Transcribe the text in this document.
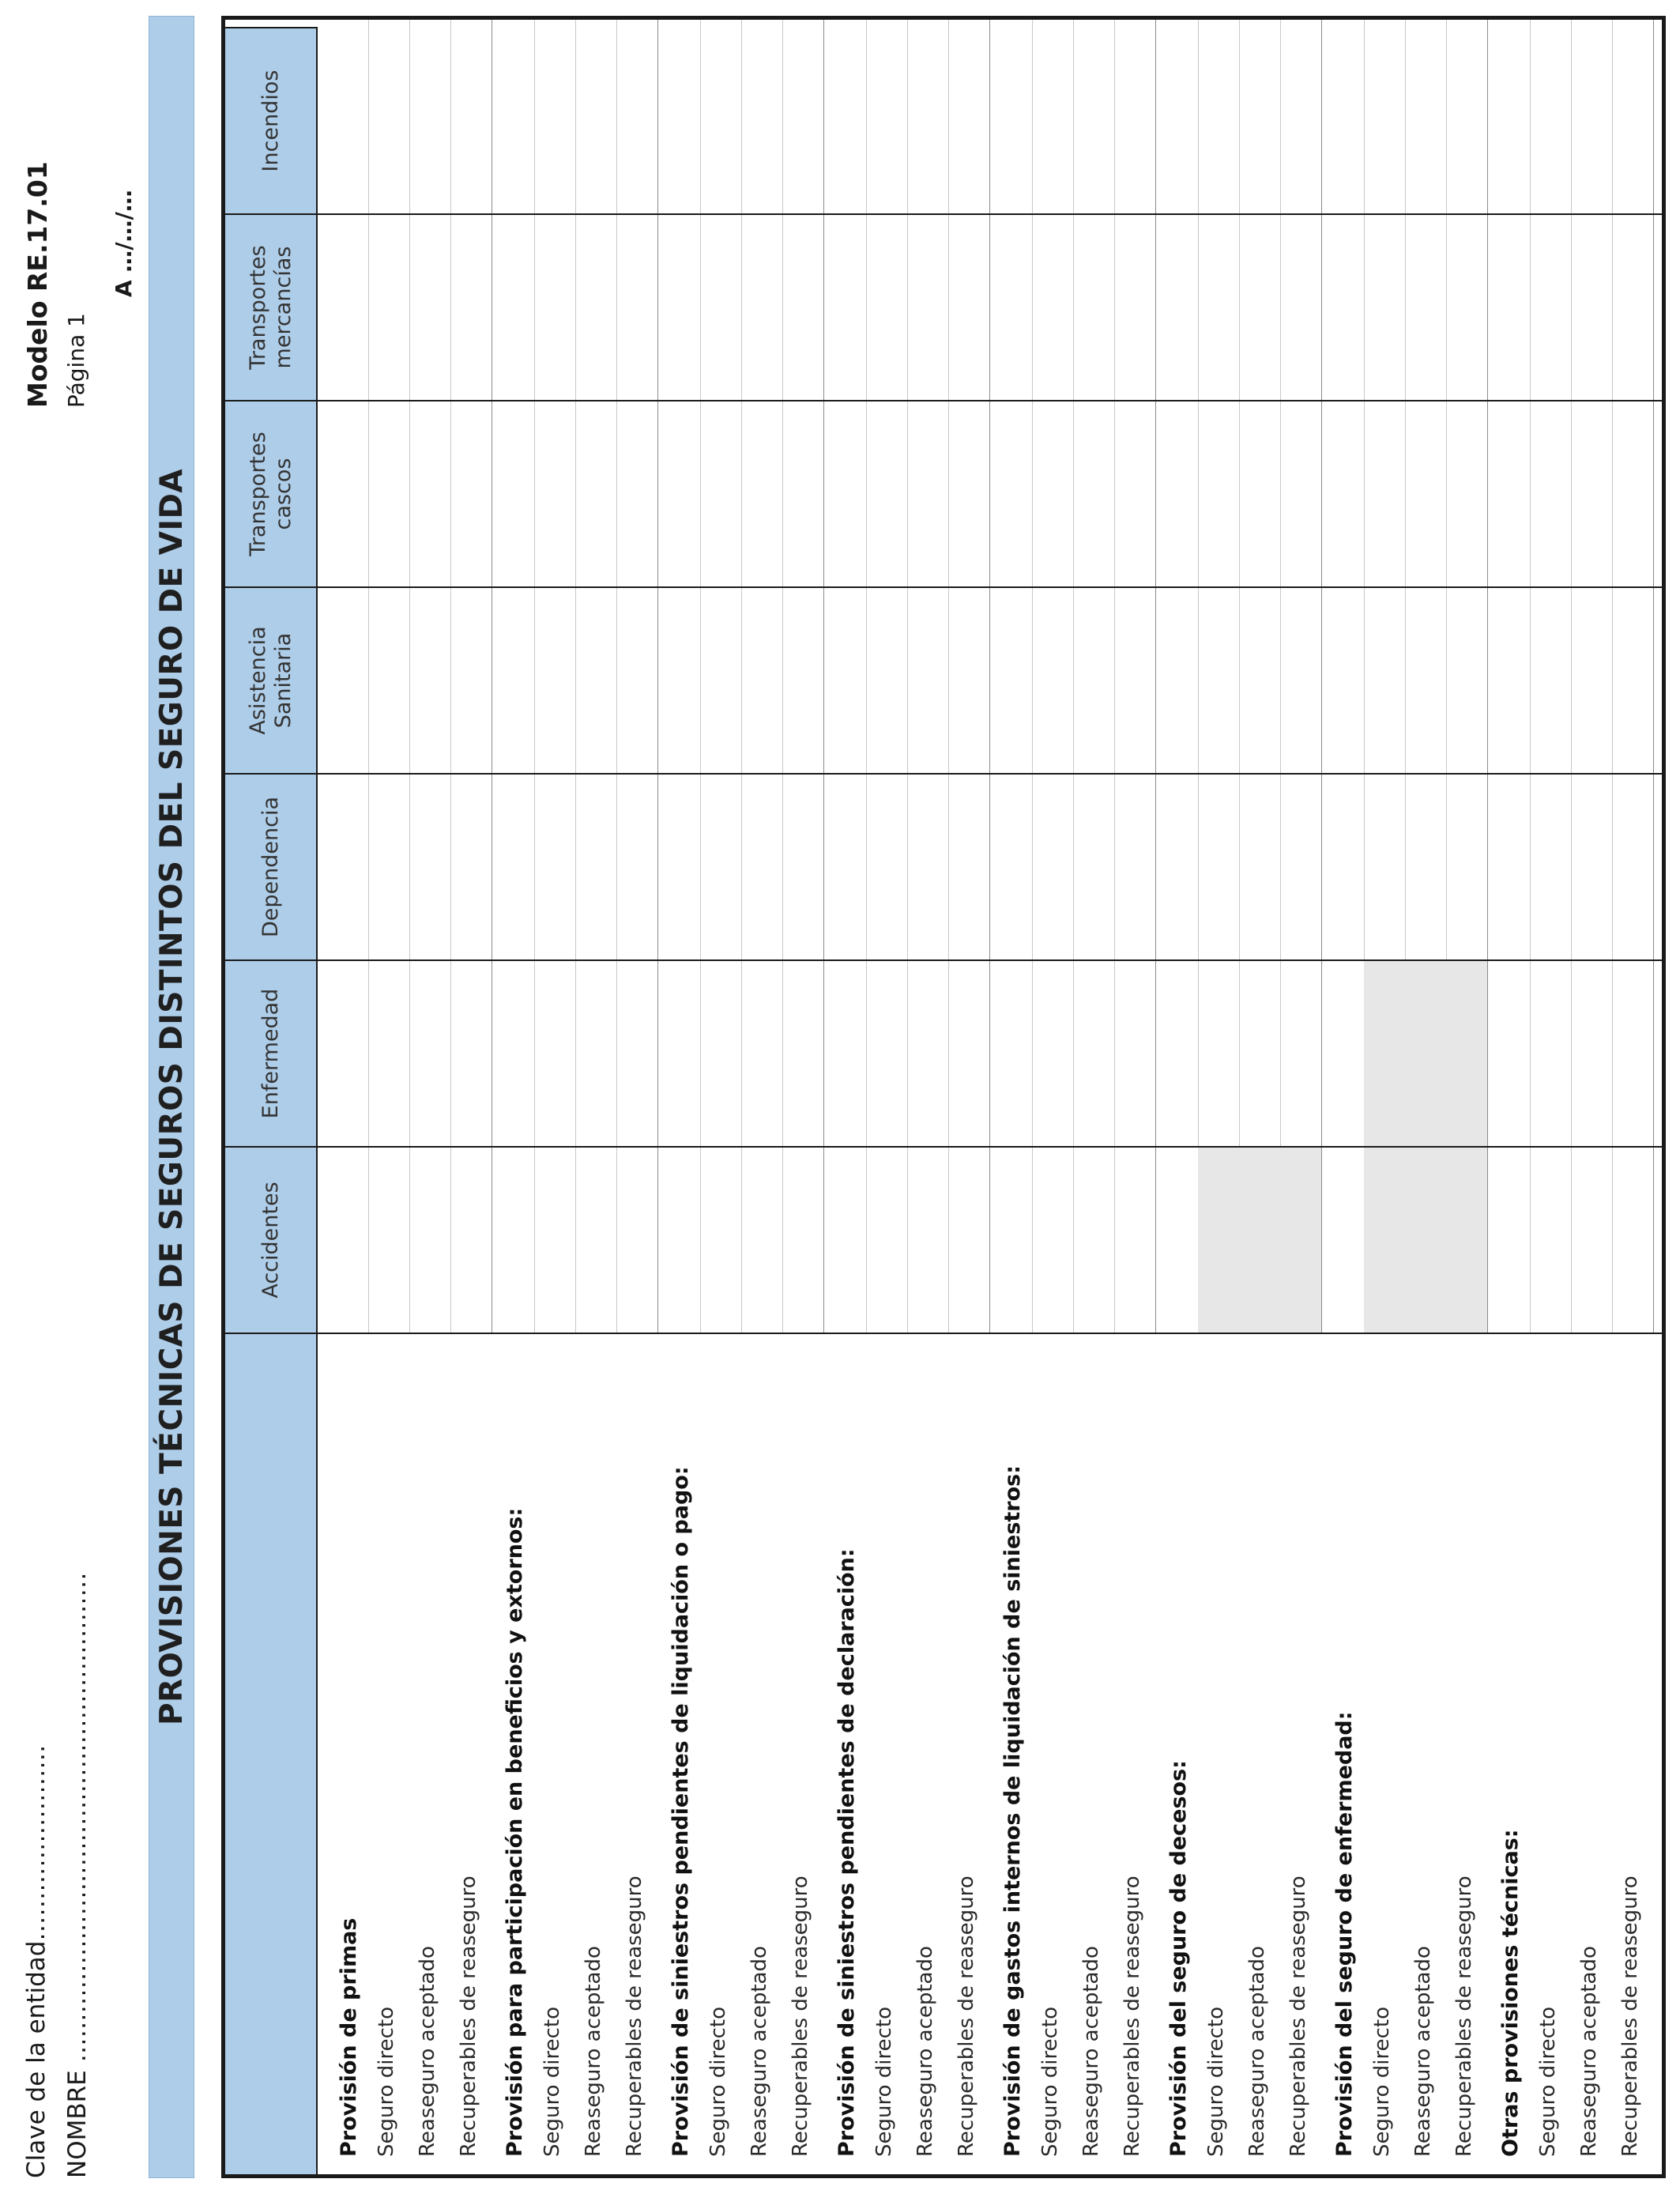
Clave de la entidad…………………… NOMBRE ……………………………………………………
Modelo RE.17.01 Página 1
A …/…/…
PROVISIONES TÉCNICAS DE SEGUROS DISTINTOS DEL SEGURO DE VIDA	Accidentes
Enfermedad
Dependencia
Asistencia Sanitaria
Transportes cascos
Transportes mercancías
Incendios
Provisión de primas Seguro directo Reaseguro aceptado Recuperables de reaseguro Provisión para participación en beneficios y extornos: Seguro directo Reaseguro aceptado Recuperables de reaseguro Provisión de siniestros pendientes de liquidación o pago: Seguro directo Reaseguro aceptado Recuperables de reaseguro Provisión de siniestros pendientes de declaración: Seguro directo Reaseguro aceptado Recuperables de reaseguro Provisión de gastos internos de liquidación de siniestros: Seguro directo Reaseguro aceptado Recuperables de reaseguro Provisión del seguro de decesos: Seguro directo Reaseguro aceptado Recuperables de reaseguro Provisión del seguro de enfermedad: Seguro directo Reaseguro aceptado Recuperables de reaseguro Otras provisiones técnicas: Seguro directo Reaseguro aceptado Recuperables de reaseguro
